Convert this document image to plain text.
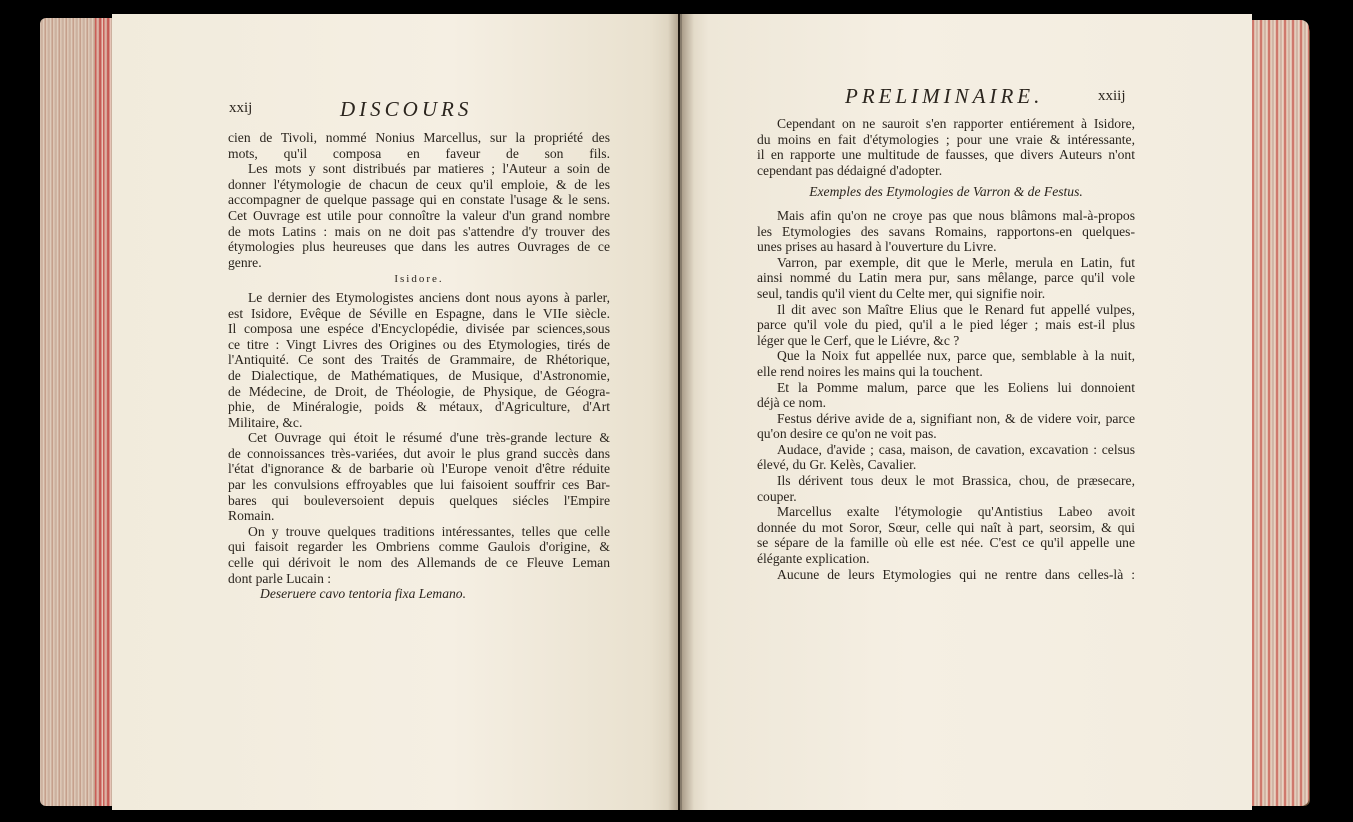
xxij	DISCOURS
PRELIMINAIRE.	xxiij
cien de Tivoli, nommé Nonius Marcellus, sur la propriété des
mots, qu'il composa en faveur de son fils.
Les mots y sont distribués par matieres ; l'Auteur a soin de
donner l'étymologie de chacun de ceux qu'il emploie, & de les
accompagner de quelque passage qui en constate l'usage & le sens.
Cet Ouvrage est utile pour connoître la valeur d'un grand nombre
de mots Latins : mais on ne doit pas s'attendre d'y trouver des
étymologies plus heureuses que dans les autres Ouvrages de ce
genre.
Isidore.
Le dernier des Etymologistes anciens dont nous ayons à parler,
est Isidore, Evêque de Séville en Espagne, dans le VIIe siècle.
Il composa une espéce d'Encyclopédie, divisée par sciences,sous
ce titre : Vingt Livres des Origines ou des Etymologies, tirés de
l'Antiquité. Ce sont des Traités de Grammaire, de Rhétorique,
de Dialectique, de Mathématiques, de Musique, d'Astronomie,
de Médecine, de Droit, de Théologie, de Physique, de Géogra-
phie, de Minéralogie, poids & métaux, d'Agriculture, d'Art
Militaire, &c.
Cet Ouvrage qui étoit le résumé d'une très-grande lecture &
de connoissances très-variées, dut avoir le plus grand succès dans
l'état d'ignorance & de barbarie où l'Europe venoit d'être réduite
par les convulsions effroyables que lui faisoient souffrir ces Bar-
bares qui bouleversoient depuis quelques siécles l'Empire
Romain.
On y trouve quelques traditions intéressantes, telles que celle
qui faisoit regarder les Ombriens comme Gaulois d'origine, &
celle qui dérivoit le nom des Allemands de ce Fleuve Leman
dont parle Lucain :
Deseruere cavo tentoria fixa Lemano.
Cependant on ne sauroit s'en rapporter entiérement à Isidore,
du moins en fait d'étymologies ; pour une vraie & intéressante,
il en rapporte une multitude de fausses, que divers Auteurs n'ont
cependant pas dédaigné d'adopter.
Exemples des Etymologies de Varron & de Festus.
Mais afin qu'on ne croye pas que nous blâmons mal-à-propos
les Etymologies des savans Romains, rapportons-en quelques-
unes prises au hasard à l'ouverture du Livre.
Varron, par exemple, dit que le Merle, merula en Latin, fut
ainsi nommé du Latin mera pur, sans mêlange, parce qu'il vole
seul, tandis qu'il vient du Celte mer, qui signifie noir.
Il dit avec son Maître Elius que le Renard fut appellé vulpes,
parce qu'il vole du pied, qu'il a le pied léger ; mais est-il plus
léger que le Cerf, que le Liévre, &c ?
Que la Noix fut appellée nux, parce que, semblable à la nuit,
elle rend noires les mains qui la touchent.
Et la Pomme malum, parce que les Eoliens lui donnoient
déjà ce nom.
Festus dérive avide de a, signifiant non, & de videre voir, parce
qu'on desire ce qu'on ne voit pas.
Audace, d'avide ; casa, maison, de cavation, excavation : celsus
élevé, du Gr. Kelès, Cavalier.
Ils dérivent tous deux le mot Brassica, chou, de præsecare,
couper.
Marcellus exalte l'étymologie qu'Antistius Labeo avoit
donnée du mot Soror, Sœur, celle qui naît à part, seorsim, & qui
se sépare de la famille où elle est née. C'est ce qu'il appelle une
élégante explication.
Aucune de leurs Etymologies qui ne rentre dans celles-là :
